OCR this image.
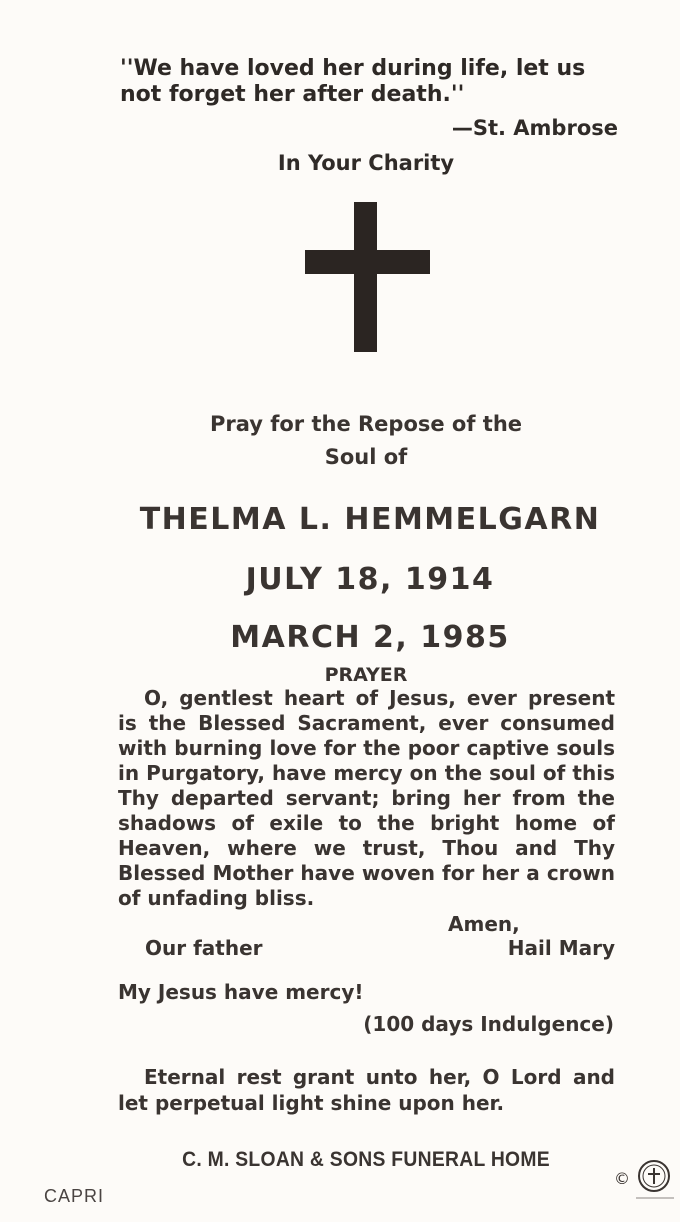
''We have loved her during life, let us not forget her after death.''

—St. Ambrose

In Your Charity

Pray for the Repose of the
Soul of

THELMA L. HEMMELGARN

JULY 18, 1914

MARCH 2, 1985

PRAYER

O, gentlest heart of Jesus, ever present is the Blessed Sacrament, ever consumed with burning love for the poor captive souls in Purgatory, have mercy on the soul of this Thy departed servant; bring her from the shadows of exile to the bright home of Heaven, where we trust, Thou and Thy Blessed Mother have woven for her a crown of unfading bliss.

Amen,
Our father	Hail Mary

My Jesus have mercy!

(100 days Indulgence)

Eternal rest grant unto her, O Lord and let perpetual light shine upon her.

C. M. SLOAN & SONS FUNERAL HOME

CAPRI

©
